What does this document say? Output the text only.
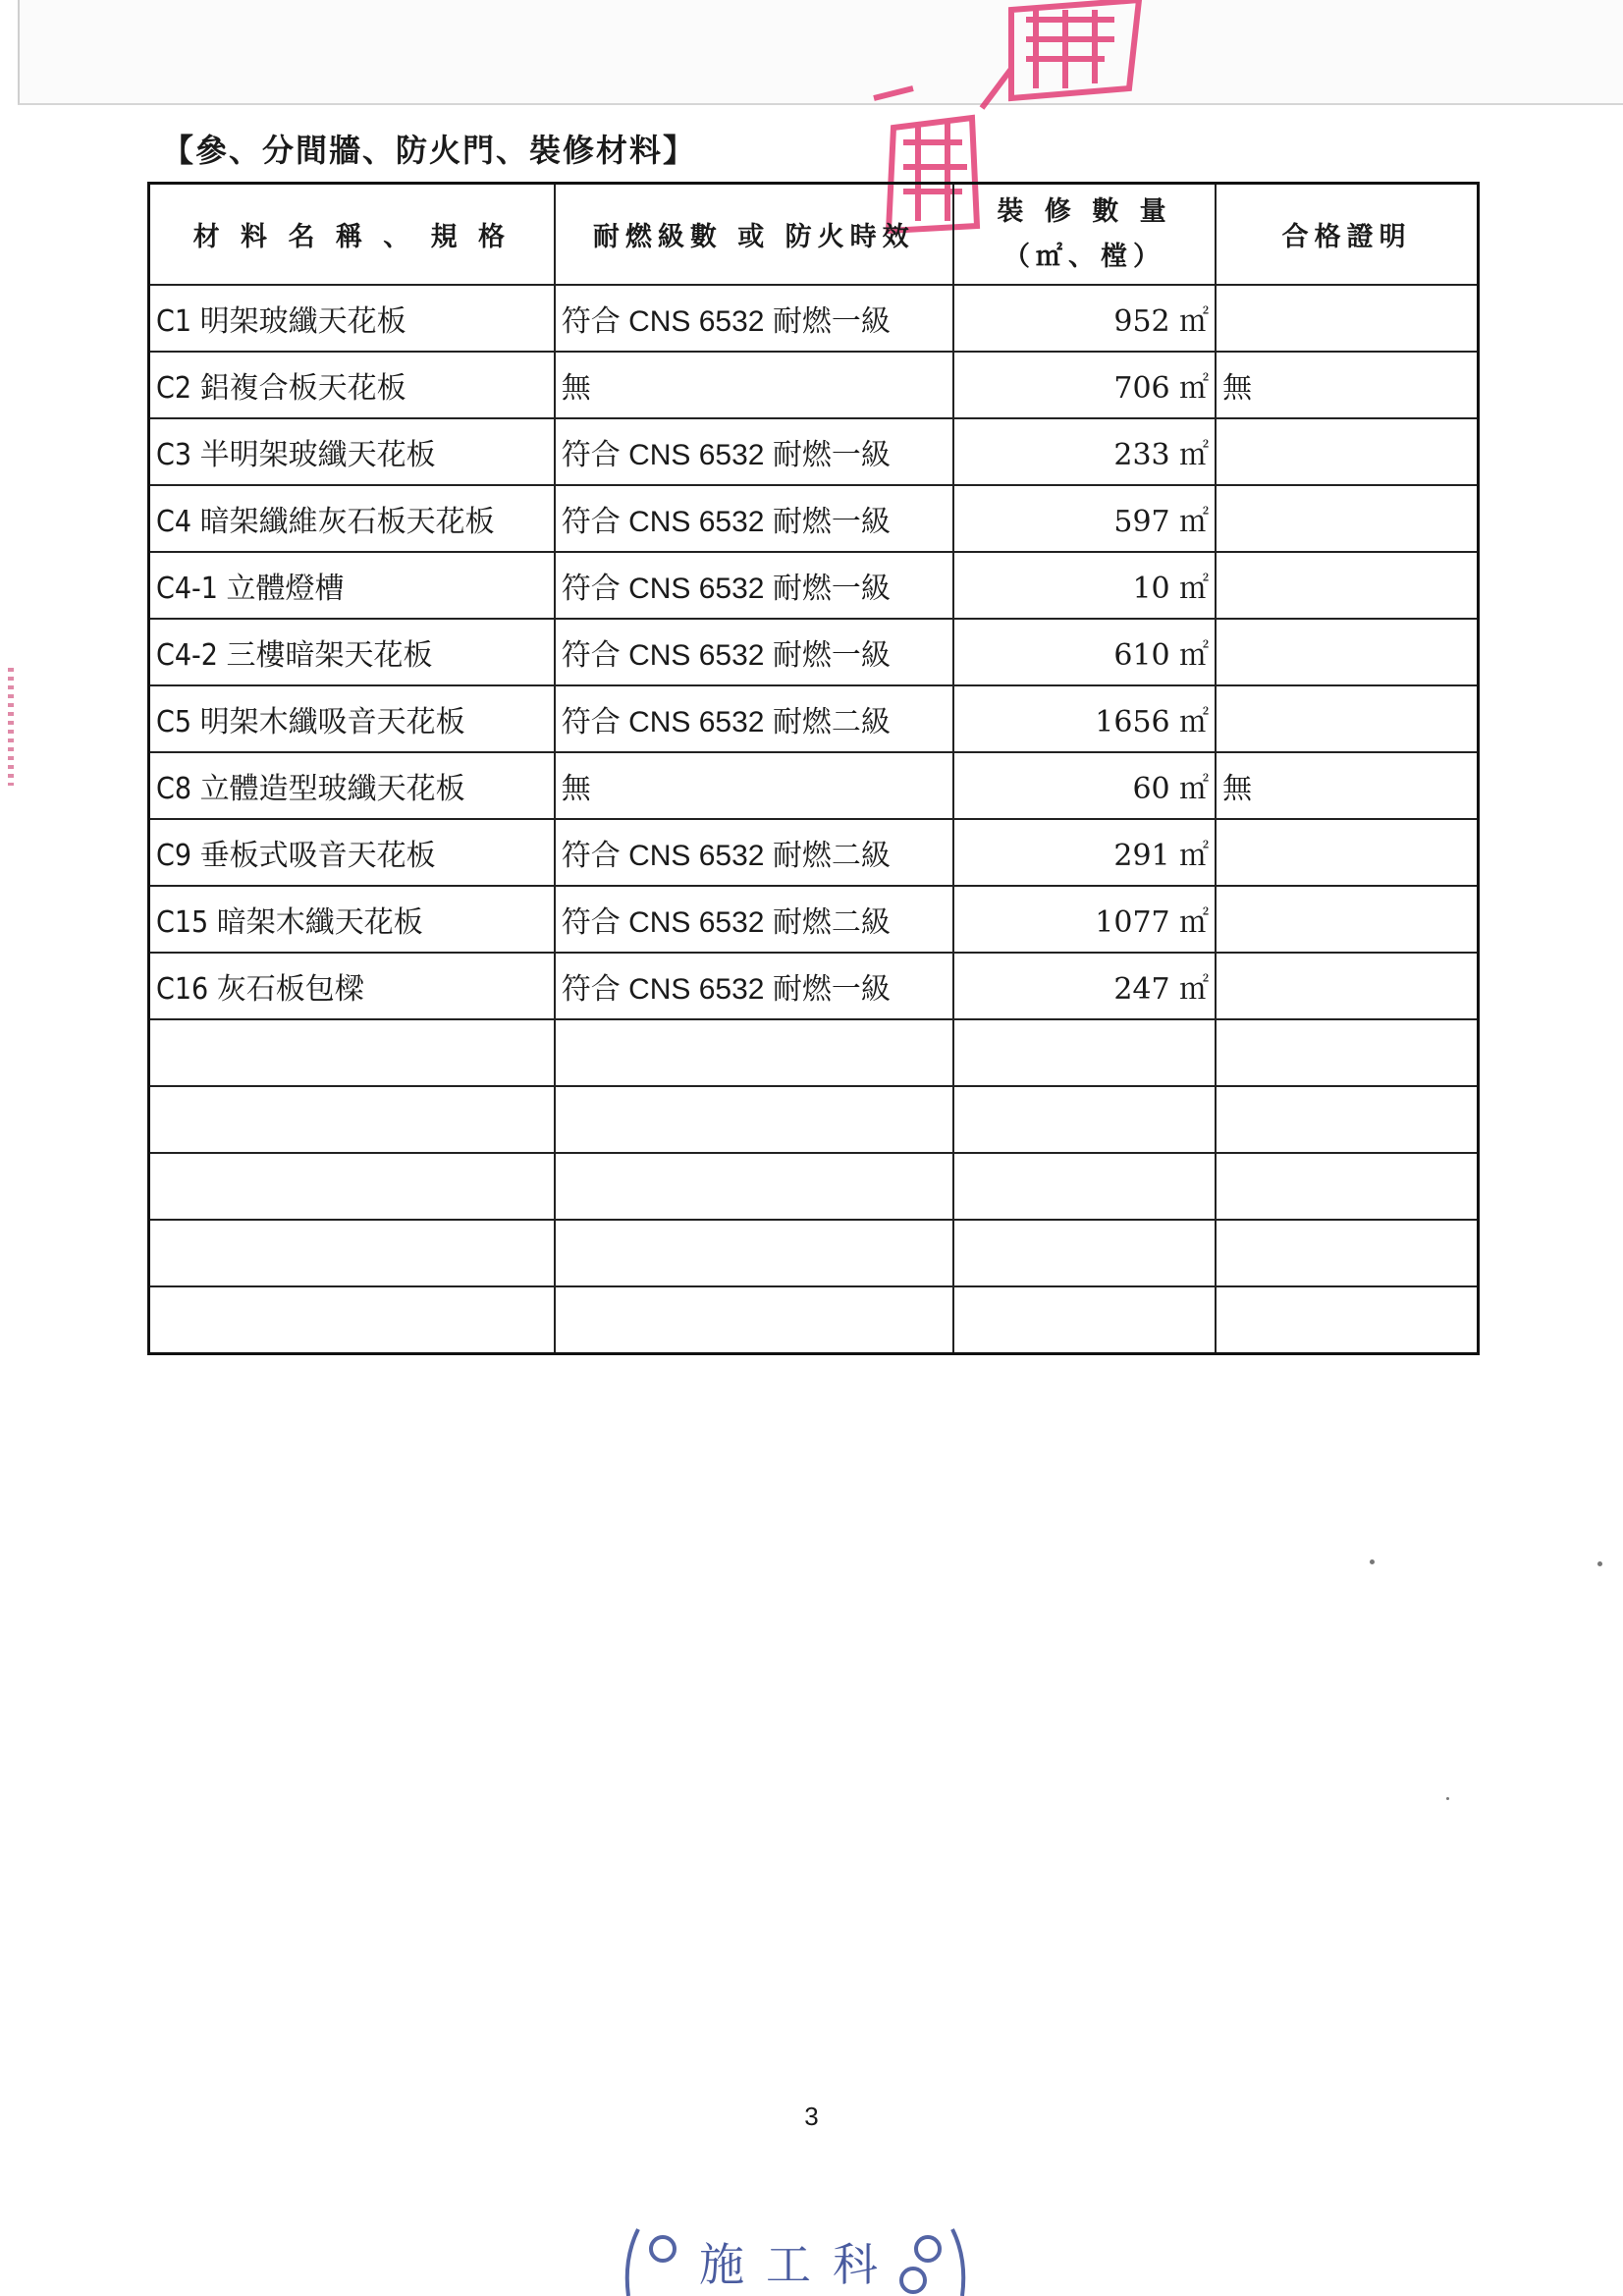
【參、分間牆、防火門、裝修材料】
材 料 名 稱 、 規 格	耐燃級數 或 防火時效	裝 修 數 量
（㎡、樘）	合格證明
C1 明架玻纖天花板	符合 CNS 6532 耐燃一級	952 ㎡	
C2 鋁複合板天花板	無	706 ㎡	無
C3 半明架玻纖天花板	符合 CNS 6532 耐燃一級	233 ㎡	
C4 暗架纖維灰石板天花板	符合 CNS 6532 耐燃一級	597 ㎡	
C4-1 立體燈槽	符合 CNS 6532 耐燃一級	10 ㎡	
C4-2 三樓暗架天花板	符合 CNS 6532 耐燃一級	610 ㎡	
C5 明架木纖吸音天花板	符合 CNS 6532 耐燃二級	1656 ㎡	
C8 立體造型玻纖天花板	無	60 ㎡	無
C9 垂板式吸音天花板	符合 CNS 6532 耐燃二級	291 ㎡	
C15 暗架木纖天花板	符合 CNS 6532 耐燃二級	1077 ㎡	
C16 灰石板包樑	符合 CNS 6532 耐燃一級	247 ㎡	

3
施工科
